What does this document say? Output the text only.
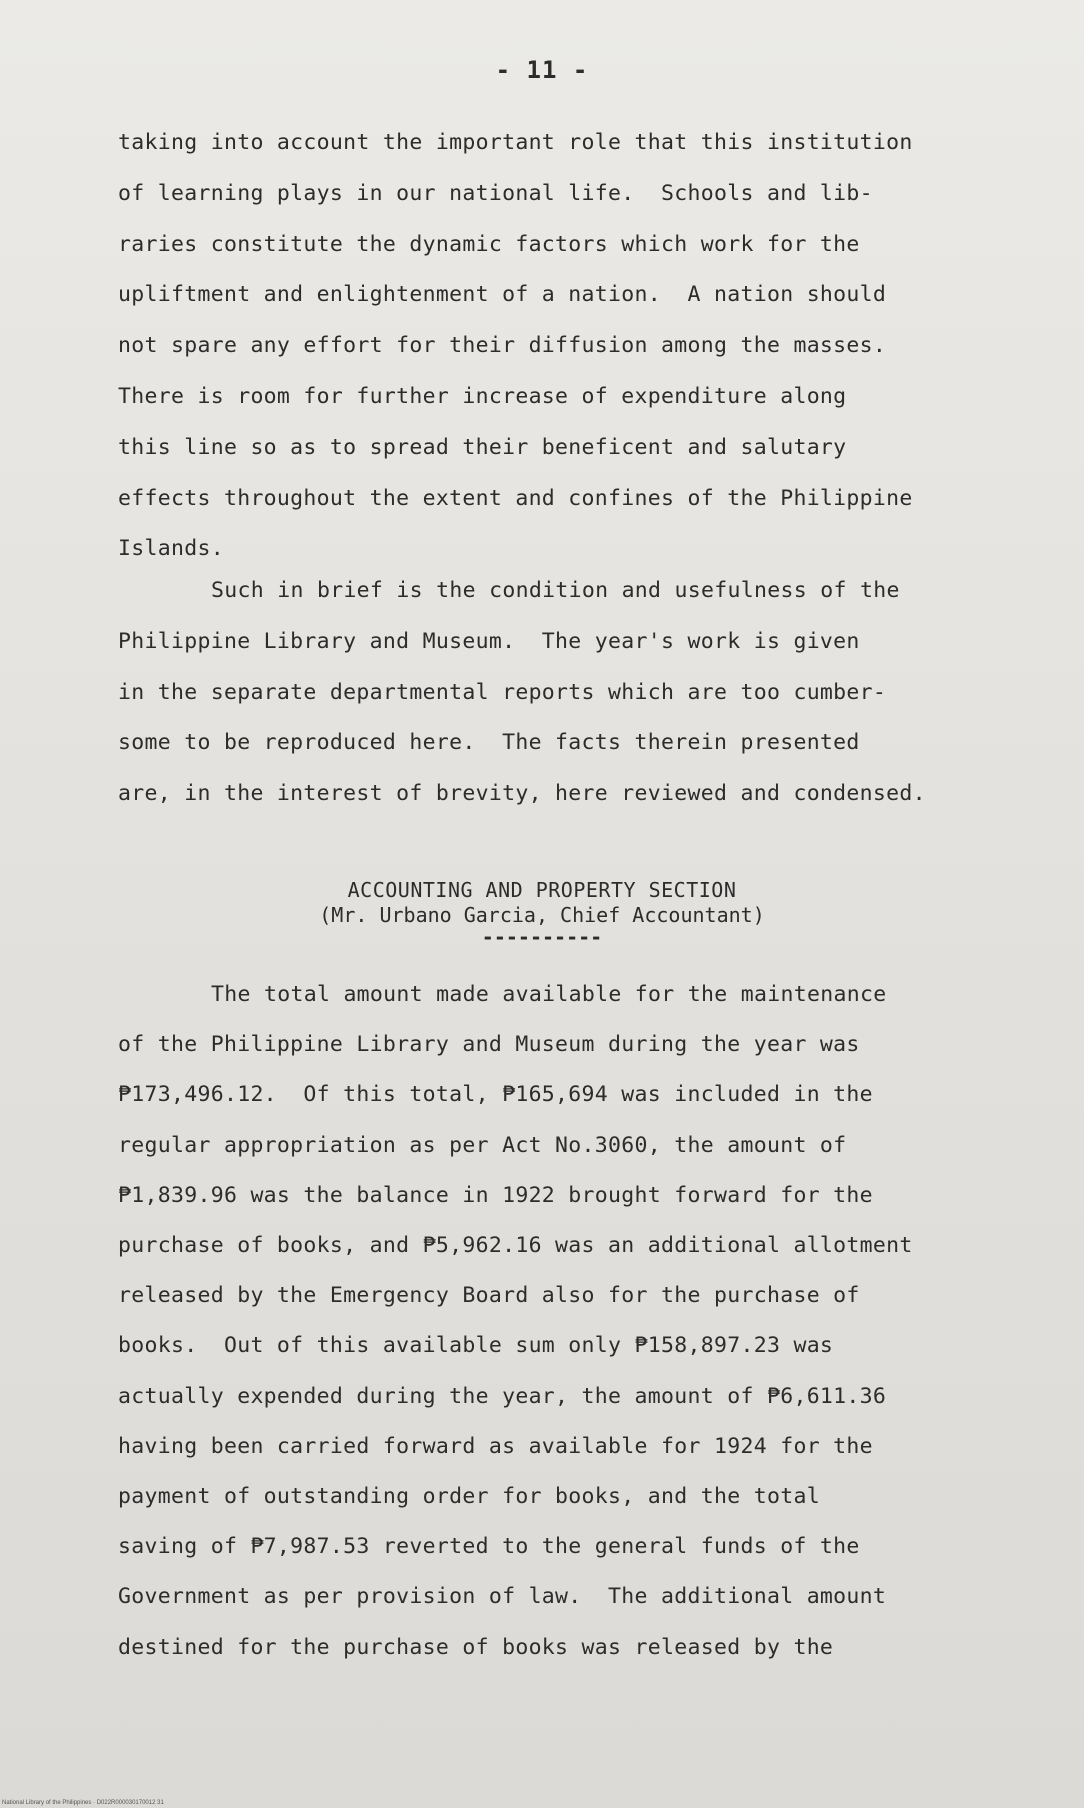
- 11 -
taking into account the important role that this institution
of learning plays in our national life.  Schools and lib-
raries constitute the dynamic factors which work for the
upliftment and enlightenment of a nation.  A nation should
not spare any effort for their diffusion among the masses.
There is room for further increase of expenditure along
this line so as to spread their beneficent and salutary
effects throughout the extent and confines of the Philippine
Islands.
Such in brief is the condition and usefulness of the
Philippine Library and Museum.  The year's work is given
in the separate departmental reports which are too cumber-
some to be reproduced here.  The facts therein presented
are, in the interest of brevity, here reviewed and condensed.
ACCOUNTING AND PROPERTY SECTION
(Mr. Urbano Garcia, Chief Accountant)
----------
The total amount made available for the maintenance
of the Philippine Library and Museum during the year was
₱173,496.12.  Of this total, ₱165,694 was included in the
regular appropriation as per Act No.3060, the amount of
₱1,839.96 was the balance in 1922 brought forward for the
purchase of books, and ₱5,962.16 was an additional allotment
released by the Emergency Board also for the purchase of
books.  Out of this available sum only ₱158,897.23 was
actually expended during the year, the amount of ₱6,611.36
having been carried forward as available for 1924 for the
payment of outstanding order for books, and the total
saving of ₱7,987.53 reverted to the general funds of the
Government as per provision of law.  The additional amount
destined for the purchase of books was released by the
National Library of the Philippines · D022R000030170012 31
